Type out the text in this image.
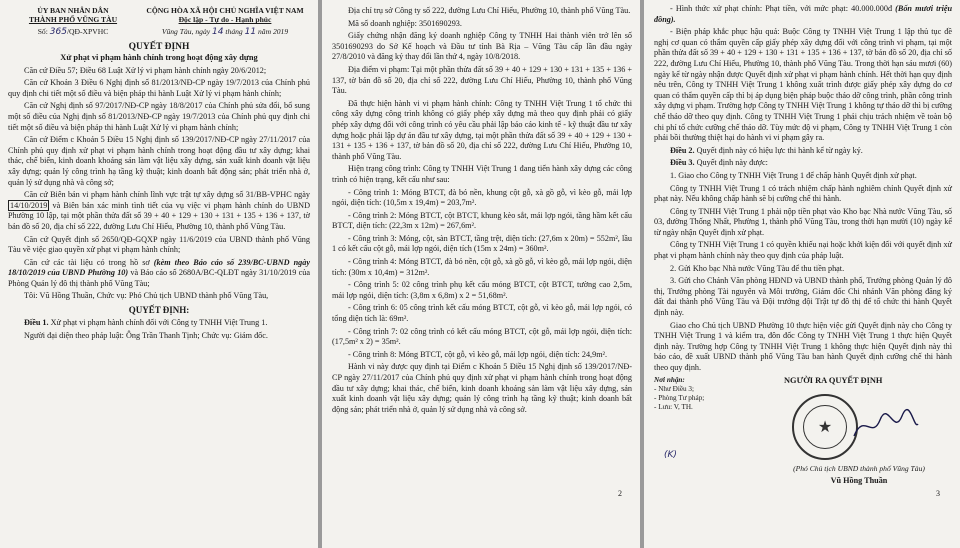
ỦY BAN NHÂN DÂN
THÀNH PHỐ VŨNG TÀU
Số: 365/QĐ-XPVHC
CỘNG HÒA XÃ HỘI CHỦ NGHĨA VIỆT NAM
Độc lập - Tự do - Hạnh phúc
Vũng Tàu, ngày 14 tháng 11 năm 2019
QUYẾT ĐỊNH
Xử phạt vi phạm hành chính trong hoạt động xây dựng

Căn cứ Điều 57; Điều 68 Luật Xử lý vi phạm hành chính ngày 20/6/2012;

Căn cứ Khoản 3 Điều 6 Nghị định số 81/2013/NĐ-CP ngày 19/7/2013 của Chính phủ quy định chi tiết một số điều và biện pháp thi hành Luật Xử lý vi phạm hành chính;

Căn cứ Nghị định số 97/2017/NĐ-CP ngày 18/8/2017 của Chính phủ sửa đổi, bổ sung một số điều của Nghị định số 81/2013/NĐ-CP ngày 19/7/2013 của Chính phủ quy định chi tiết một số điều và biện pháp thi hành Luật Xử lý vi phạm hành chính;

Căn cứ Điểm c Khoản 5 Điều 15 Nghị định số 139/2017/NĐ-CP ngày 27/11/2017 của Chính phủ quy định xử phạt vi phạm hành chính trong hoạt động đầu tư xây dựng; khai thác, chế biến, kinh doanh khoáng sản làm vật liệu xây dựng, sản xuất kinh doanh vật liệu xây dựng; quản lý công trình hạ tầng kỹ thuật; kinh doanh bất động sản; phát triển nhà ở, quản lý sử dụng nhà và công sở;

Căn cứ Biên bản vi phạm hành chính lĩnh vực trật tự xây dựng số 31/BB-VPHC ngày 14/10/2019 và Biên bản xác minh tình tiết của vụ việc vi phạm hành chính do UBND Phường 10 lập, tại một phần thửa đất số 39 + 40 + 129 + 130 + 131 + 135 + 136 + 137, tờ bản đồ số 20, địa chỉ số 222, đường Lưu Chí Hiếu, Phường 10, thành phố Vũng Tàu.

Căn cứ Quyết định số 2650/QĐ-GQXP ngày 11/6/2019 của UBND thành phố Vũng Tàu về việc giao quyền xử phạt vi phạm hành chính;

Căn cứ các tài liệu có trong hồ sơ (kèm theo Báo cáo số 239/BC-UBND ngày 18/10/2019 của UBND Phường 10) và Báo cáo số 2680A/BC-QLĐT ngày 31/10/2019 của Phòng Quản lý đô thị thành phố Vũng Tàu;

Tôi: Vũ Hồng Thuần, Chức vụ: Phó Chủ tịch UBND thành phố Vũng Tàu,

QUYẾT ĐỊNH:

Điều 1. Xử phạt vi phạm hành chính đối với Công ty TNHH Việt Trung 1.

Người đại diện theo pháp luật: Ông Trần Thanh Tịnh; Chức vụ: Giám đốc.

Địa chỉ trụ sở Công ty số 222, đường Lưu Chí Hiếu, Phường 10, thành phố Vũng Tàu.

Mã số doanh nghiệp: 3501690293.

Giấy chứng nhận đăng ký doanh nghiệp Công ty TNHH Hai thành viên trở lên số 3501690293 do Sở Kế hoạch và Đầu tư tỉnh Bà Rịa – Vũng Tàu cấp lần đầu ngày 27/8/2010 và đăng ký thay đổi lần thứ 4, ngày 10/8/2018.

Địa điểm vi phạm: Tại một phần thửa đất số 39 + 40 + 129 + 130 + 131 + 135 + 136 + 137, tờ bản đồ số 20, địa chỉ số 222, đường Lưu Chí Hiếu, Phường 10, thành phố Vũng Tàu.

Đã thực hiện hành vi vi phạm hành chính: Công ty TNHH Việt Trung 1 tổ chức thi công xây dựng công trình không có giấy phép xây dựng mà theo quy định phải có giấy phép xây dựng đối với công trình có yêu cầu phải lập báo cáo kinh tế - kỹ thuật đầu tư xây dựng hoặc phải lập dự án đầu tư xây dựng, tại một phần thửa đất số 39 + 40 + 129 + 130 + 131 + 135 + 136 + 137, tờ bản đồ số 20, địa chỉ số 222, đường Lưu Chí Hiếu, Phường 10, thành phố Vũng Tàu.

Hiện trạng công trình: Công ty TNHH Việt Trung 1 đang tiến hành xây dựng các công trình có hiện trạng, kết cấu như sau:

- Công trình 1: Móng BTCT, đà bó nền, khung cột gỗ, xà gồ gỗ, vì kèo gỗ, mái lợp ngói, diện tích: (10,5m x 19,4m) = 203,7m².

- Công trình 2: Móng BTCT, cột BTCT, khung kèo sắt, mái lợp ngói, tầng hầm kết cấu BTCT, diện tích: (22,3m x 12m) = 267,6m².

- Công trình 3: Móng, cột, sàn BTCT, tầng trệt, diện tích: (27,6m x 20m) = 552m², lầu 1 có kết cấu cột gỗ, mái lợp ngói, diện tích (15m x 24m) = 360m².

- Công trình 4: Móng BTCT, đà bó nền, cột gỗ, xà gồ gỗ, vì kèo gỗ, mái lợp ngói, diện tích: (30m x 10,4m) = 312m².

- Công trình 5: 02 công trình phụ kết cấu móng BTCT, cột BTCT, tường cao 2,5m, mái lợp ngói, diện tích: (3,8m x 6,8m) x 2 = 51,68m².

- Công trình 6: 05 công trình kết cấu móng BTCT, cột gỗ, vì kèo gỗ, mái lợp ngói, có tổng diện tích là: 69m².

- Công trình 7: 02 công trình có kết cấu móng BTCT, cột gỗ, mái lợp ngói, diện tích: (17,5m² x 2) = 35m².

- Công trình 8: Móng BTCT, cột gỗ, vì kèo gỗ, mái lợp ngói, diện tích: 24,9m².

Hành vi này được quy định tại Điểm c Khoản 5 Điều 15 Nghị định số 139/2017/NĐ-CP ngày 27/11/2017 của Chính phủ quy định xử phạt vi phạm hành chính trong hoạt động đầu tư xây dựng; khai thác, chế biến, kinh doanh khoáng sản làm vật liệu xây dựng, sản xuất kinh doanh vật liệu xây dựng; quản lý công trình hạ tầng kỹ thuật; kinh doanh bất động sản; phát triển nhà ở, quản lý sử dụng nhà và công sở.

2

- Hình thức xử phạt chính: Phạt tiền, với mức phạt: 40.000.000đ (Bốn mươi triệu đồng).

- Biện pháp khắc phục hậu quả: Buộc Công ty TNHH Việt Trung 1 lập thủ tục đề nghị cơ quan có thẩm quyền cấp giấy phép xây dựng đối với công trình vi phạm, tại một phần thửa đất số 39 + 40 + 129 + 130 + 131 + 135 + 136 + 137, tờ bản đồ số 20, địa chỉ số 222, đường Lưu Chí Hiếu, Phường 10, thành phố Vũng Tàu. Trong thời hạn sáu mươi (60) ngày kể từ ngày nhận được Quyết định xử phạt vi phạm hành chính. Hết thời hạn quy định nêu trên, Công ty TNHH Việt Trung 1 không xuất trình được giấy phép xây dựng do cơ quan có thẩm quyền cấp thì bị áp dụng biện pháp buộc tháo dỡ công trình, phần công trình xây dựng vi phạm. Trường hợp Công ty TNHH Việt Trung 1 không tự tháo dỡ thì bị cưỡng chế tháo dỡ theo quy định. Công ty TNHH Việt Trung 1 phải chịu trách nhiệm về toàn bộ chi phí tổ chức cưỡng chế tháo dỡ. Tùy mức độ vi phạm, Công ty TNHH Việt Trung 1 còn phải bồi thường thiệt hại do hành vi vi phạm gây ra.

Điều 2. Quyết định này có hiệu lực thi hành kể từ ngày ký.

Điều 3. Quyết định này được:

1. Giao cho Công ty TNHH Việt Trung 1 để chấp hành Quyết định xử phạt.

Công ty TNHH Việt Trung 1 có trách nhiệm chấp hành nghiêm chỉnh Quyết định xử phạt này. Nếu không chấp hành sẽ bị cưỡng chế thi hành.

Công ty TNHH Việt Trung 1 phải nộp tiền phạt vào Kho bạc Nhà nước Vũng Tàu, số 03, đường Thống Nhất, Phường 1, thành phố Vũng Tàu, trong thời hạn mười (10) ngày kể từ ngày nhận Quyết định xử phạt.

Công ty TNHH Việt Trung 1 có quyền khiếu nại hoặc khởi kiện đối với quyết định xử phạt vi phạm hành chính này theo quy định của pháp luật.

2. Gửi Kho bạc Nhà nước Vũng Tàu để thu tiền phạt.

3. Gửi cho Chánh Văn phòng HĐND và UBND thành phố, Trưởng phòng Quản lý đô thị, Trưởng phòng Tài nguyên và Môi trường, Giám đốc Chi nhánh Văn phòng đăng ký đất đai thành phố Vũng Tàu và Đội trưởng đội Trật tự đô thị để tổ chức thi hành Quyết định này.

Giao cho Chủ tịch UBND Phường 10 thực hiện việc gửi Quyết định này cho Công ty TNHH Việt Trung 1 và kiểm tra, đôn đốc Công ty TNHH Việt Trung 1 thực hiện Quyết định này. Trường hợp Công ty TNHH Việt Trung 1 không thực hiện Quyết định này thì báo cáo, đề xuất UBND thành phố Vũng Tàu ban hành Quyết định cưỡng chế thi hành theo quy định.

Nơi nhận:
- Như Điều 3;
- Phòng Tư pháp;
- Lưu: V, TH.
(K)
NGƯỜI RA QUYẾT ĐỊNH
★
(Phó Chủ tịch UBND thành phố Vũng Tàu)
Vũ Hồng Thuần
3
